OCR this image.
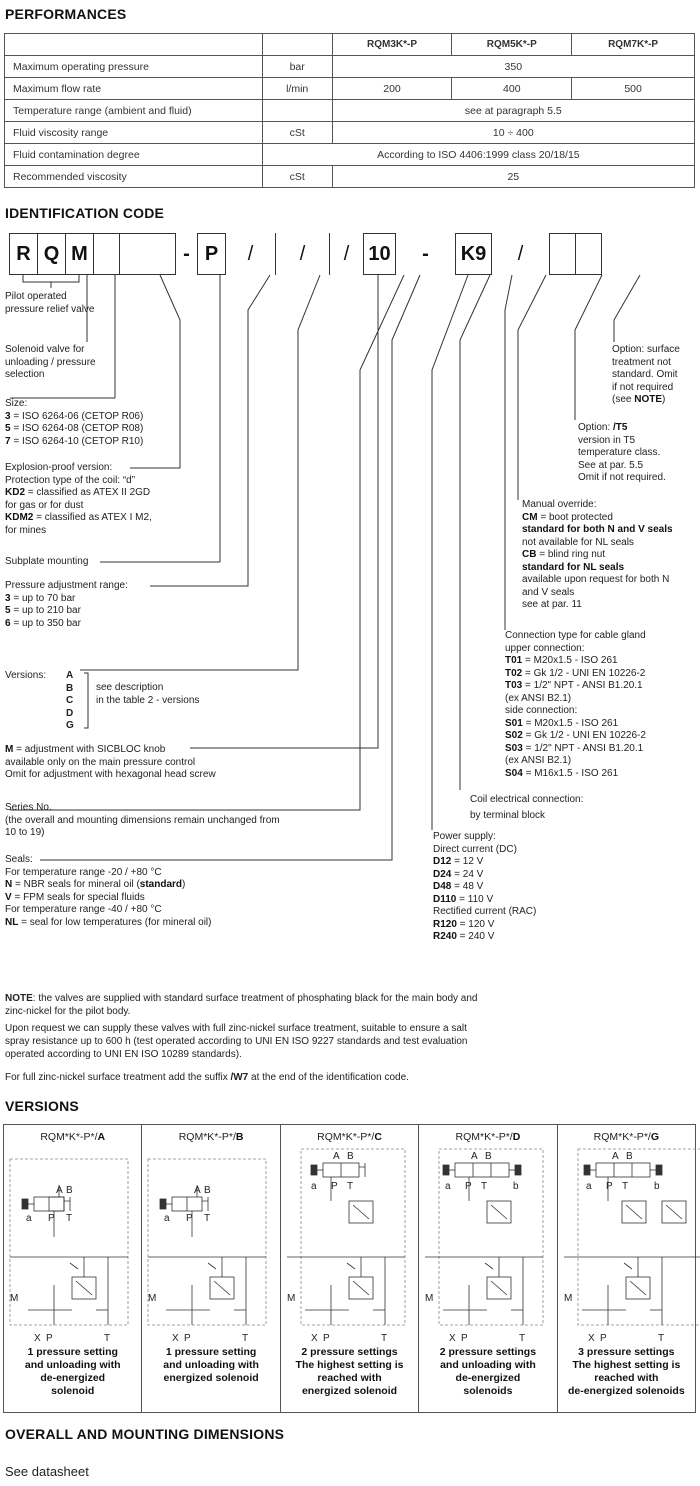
PERFORMANCES
		RQM3K*-P	RQM5K*-P	RQM7K*-P
Maximum operating pressure	bar	350		
Maximum flow rate	l/min	200	400	500
Temperature range (ambient and fluid)		see at paragraph 5.5		
Fluid viscosity range	cSt	10 ÷ 400		
Fluid contamination degree	According to ISO 4406:1999 class 20/18/15			
Recommended viscosity	cSt	25		
IDENTIFICATION CODE
R Q M	- P	/	/	/ 10	-	K9	/
Pilot operated pressure relief valve
Solenoid valve for unloading / pressure selection
Size:
3 = ISO 6264-06 (CETOP R06)
5 = ISO 6264-08 (CETOP R08)
7 = ISO 6264-10 (CETOP R10)
Explosion-proof version:
Protection type of the coil: “d”
KD2 = classified as ATEX II 2GD
for gas or for dust
KDM2 = classified as ATEX I M2,
for mines
Subplate mounting
Pressure adjustment range:
3 = up to 70 bar
5 = up to 210 bar
6 = up to 350 bar
Versions: A
B
C
D
G
see description
in the table 2 - versions
M = adjustment with SICBLOC knob
available only on the main pressure control
Omit for adjustment with hexagonal head screw
Series No.
(the overall and mounting dimensions remain unchanged from
10 to 19)
Seals:
For temperature range -20 / +80 °C
N = NBR seals for mineral oil (standard)
V = FPM seals for special fluids
For temperature range -40 / +80 °C
NL = seal for low temperatures (for mineral oil)
Option: surface
treatment not
standard. Omit
if not required
(see NOTE)
Option: /T5
version in T5
temperature class.
See at par. 5.5
Omit if not required.
Manual override:
CM = boot protected
standard for both N and V seals
not available for NL seals
CB = blind ring nut
standard for NL seals
available upon request for both N
and V seals
see at par. 11
Connection type for cable gland
upper connection:
T01 = M20x1.5 - ISO 261
T02 = Gk 1/2 - UNI EN 10226-2
T03 = 1/2" NPT - ANSI B1.20.1
(ex ANSI B2.1)
side connection:
S01 = M20x1.5 - ISO 261
S02 = Gk 1/2 - UNI EN 10226-2
S03 = 1/2" NPT - ANSI B1.20.1
(ex ANSI B2.1)
S04 = M16x1.5 - ISO 261
Coil electrical connection:
by terminal block
Power supply:
Direct current (DC)
D12 = 12 V
D24 = 24 V
D48 = 48 V
D110 = 110 V
Rectified current (RAC)
R120 = 120 V
R240 = 240 V
NOTE: the valves are supplied with standard surface treatment of phosphating black for the main body and
zinc-nickel for the pilot body.
Upon request we can supply these valves with full zinc-nickel surface treatment, suitable to ensure a salt
spray resistance up to 600 h (test operated according to UNI EN ISO 9227 standards and test evaluation
operated according to UNI EN ISO 10289 standards).
For full zinc-nickel surface treatment add the suffix /W7 at the end of the identification code.
VERSIONS
RQM*K*-P*/A
A B
a P T
M
X P	T
1 pressure setting
and unloading with
de-energized
solenoid
RQM*K*-P*/B
A B
a P T
M
X P	T
1 pressure setting
and unloading with
energized solenoid
RQM*K*-P*/C
A B
a P T
M
X P	T
2 pressure settings
The highest setting is
reached with
energized solenoid
RQM*K*-P*/D
A B
a P T	b
M
X P	T
2 pressure settings
and unloading with
de-energized
solenoids
RQM*K*-P*/G
A B
a P T	b
M
X P	T
3 pressure settings
The highest setting is
reached with
de-energized solenoids
OVERALL AND MOUNTING DIMENSIONS
See datasheet
